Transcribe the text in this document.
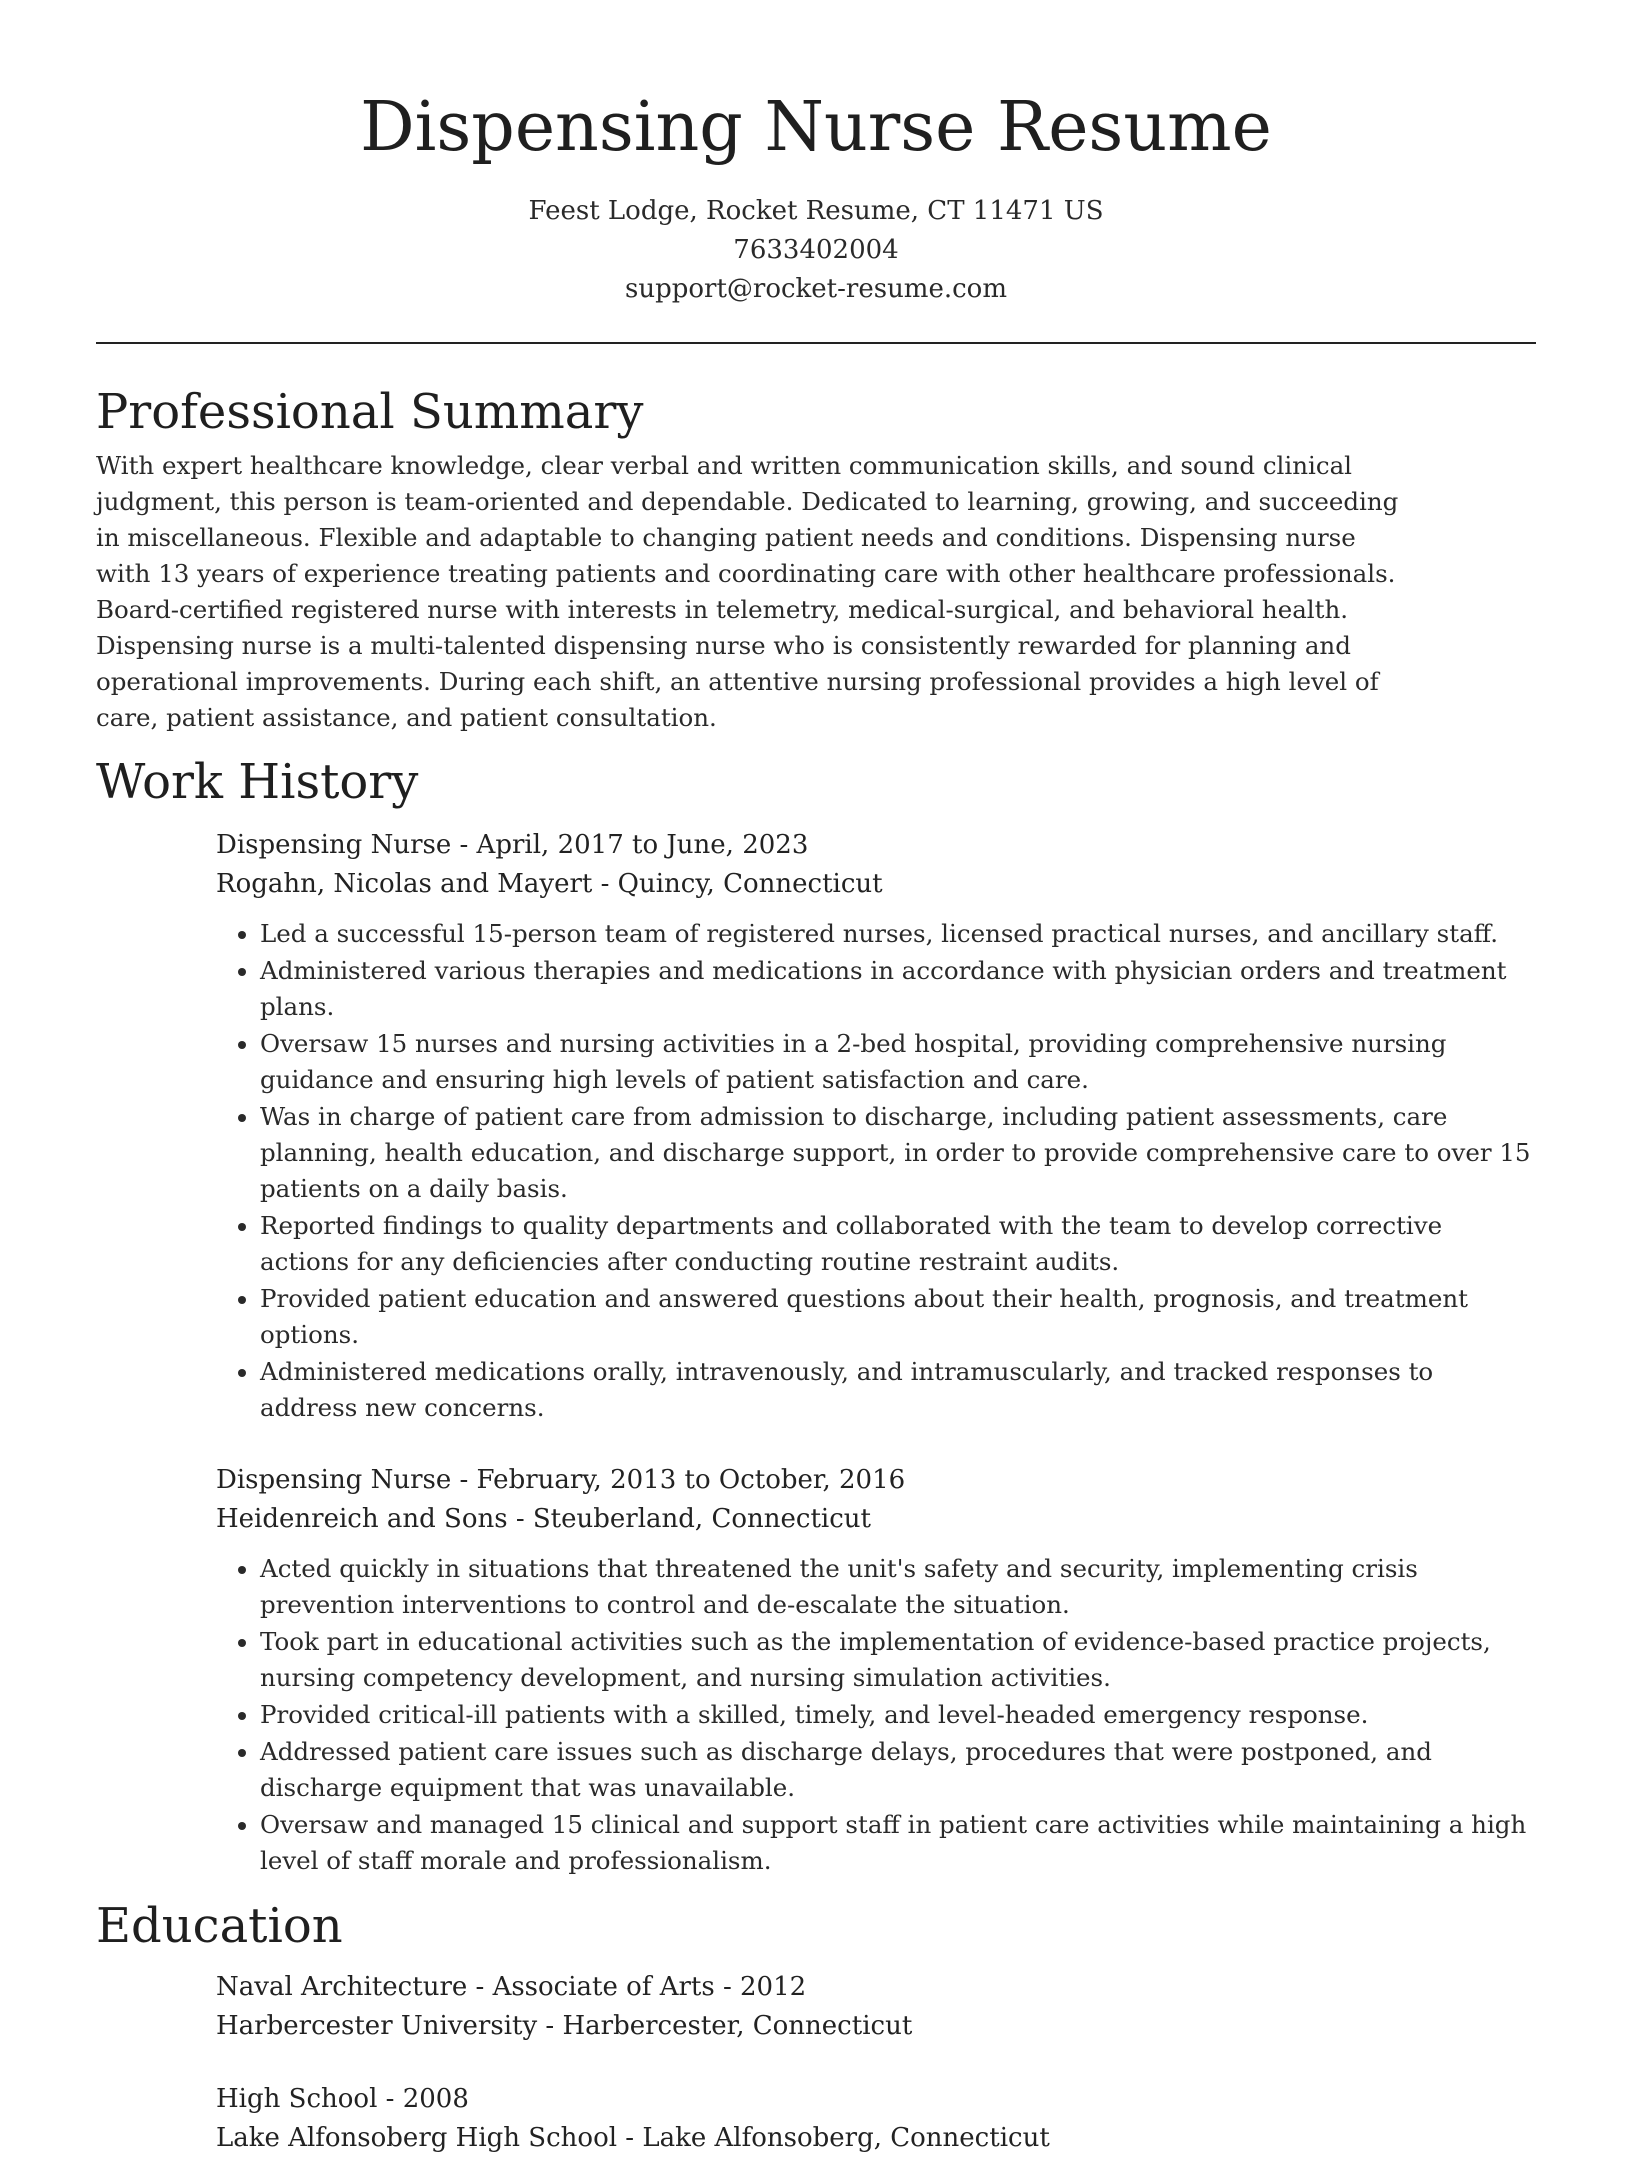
Dispensing Nurse Resume
Feest Lodge, Rocket Resume, CT 11471 US
7633402004
support@rocket-resume.com
Professional Summary

With expert healthcare knowledge, clear verbal and written communication skills, and sound clinical judgment, this person is team-oriented and dependable. Dedicated to learning, growing, and succeeding in miscellaneous. Flexible and adaptable to changing patient needs and conditions. Dispensing nurse with 13 years of experience treating patients and coordinating care with other healthcare professionals. Board-certified registered nurse with interests in telemetry, medical-surgical, and behavioral health. Dispensing nurse is a multi-talented dispensing nurse who is consistently rewarded for planning and operational improvements. During each shift, an attentive nursing professional provides a high level of care, patient assistance, and patient consultation.

Work History
Dispensing Nurse - April, 2017 to June, 2023
Rogahn, Nicolas and Mayert - Quincy, Connecticut
• Led a successful 15-person team of registered nurses, licensed practical nurses, and ancillary staff.
• Administered various therapies and medications in accordance with physician orders and treatment plans.
• Oversaw 15 nurses and nursing activities in a 2-bed hospital, providing comprehensive nursing guidance and ensuring high levels of patient satisfaction and care.
• Was in charge of patient care from admission to discharge, including patient assessments, care planning, health education, and discharge support, in order to provide comprehensive care to over 15 patients on a daily basis.
• Reported findings to quality departments and collaborated with the team to develop corrective actions for any deficiencies after conducting routine restraint audits.
• Provided patient education and answered questions about their health, prognosis, and treatment options.
• Administered medications orally, intravenously, and intramuscularly, and tracked responses to address new concerns.
Dispensing Nurse - February, 2013 to October, 2016
Heidenreich and Sons - Steuberland, Connecticut
• Acted quickly in situations that threatened the unit's safety and security, implementing crisis prevention interventions to control and de-escalate the situation.
• Took part in educational activities such as the implementation of evidence-based practice projects, nursing competency development, and nursing simulation activities.
• Provided critical-ill patients with a skilled, timely, and level-headed emergency response.
• Addressed patient care issues such as discharge delays, procedures that were postponed, and discharge equipment that was unavailable.
• Oversaw and managed 15 clinical and support staff in patient care activities while maintaining a high level of staff morale and professionalism.
Education
Naval Architecture - Associate of Arts - 2012
Harbercester University - Harbercester, Connecticut
High School - 2008
Lake Alfonsoberg High School - Lake Alfonsoberg, Connecticut
